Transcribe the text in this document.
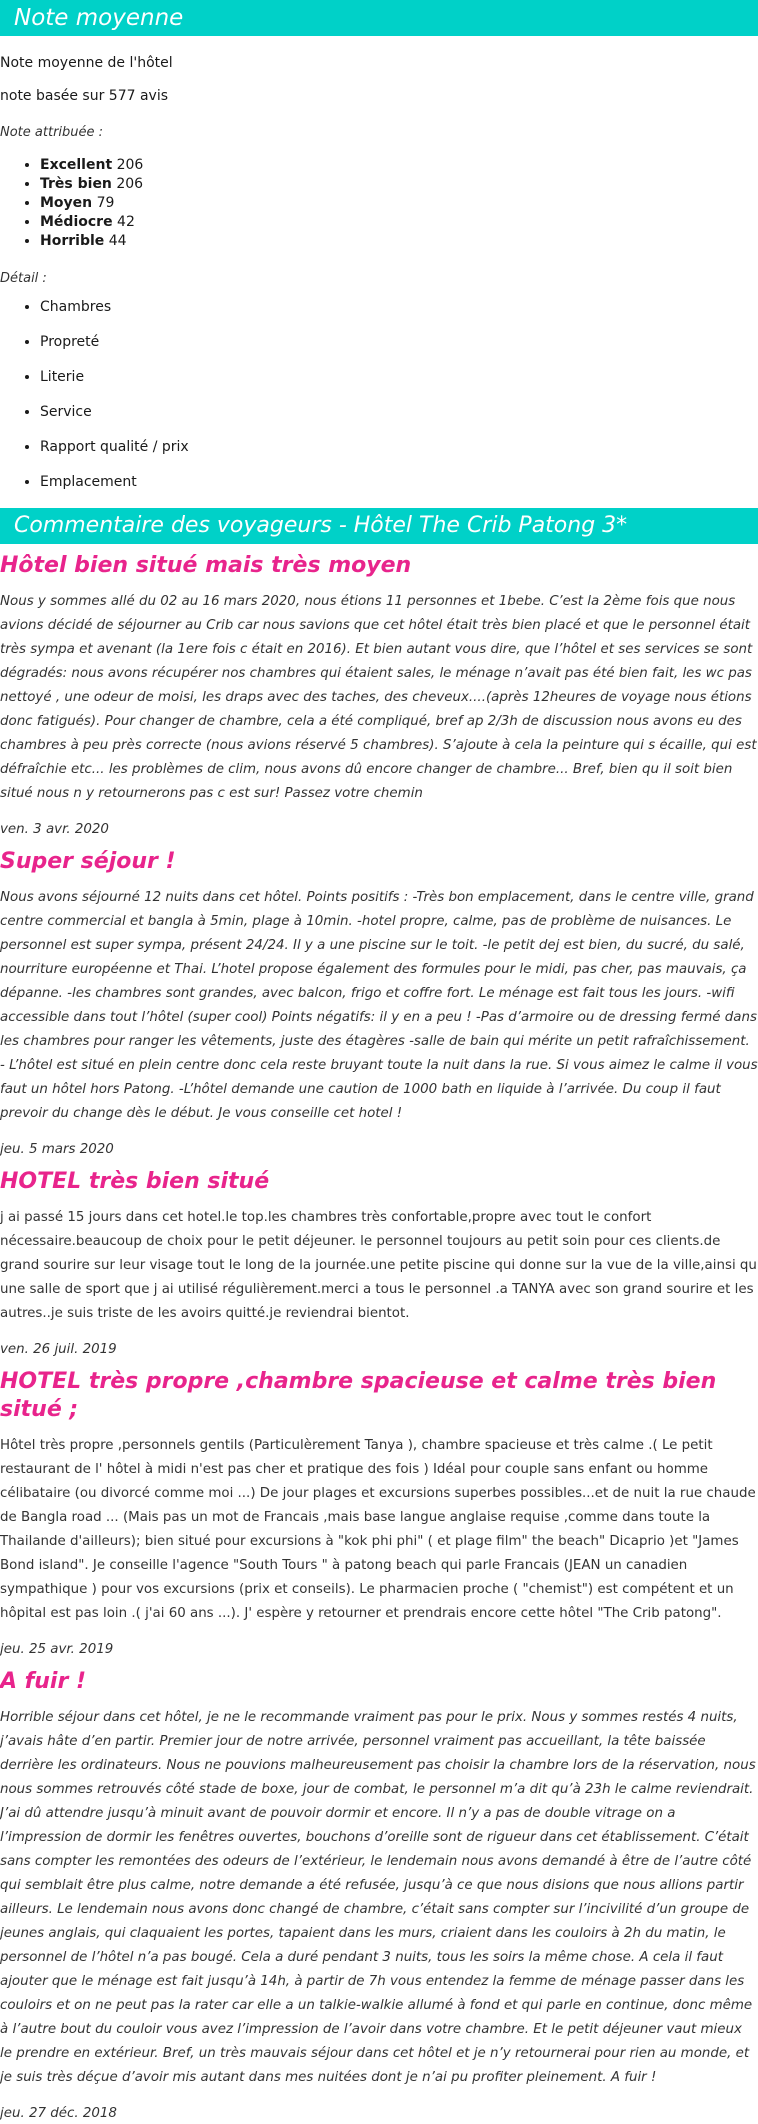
Note moyenne

Note moyenne de l'hôtel

note basée sur 577 avis

Note attribuée :

• Excellent 206
• Très bien 206
• Moyen 79
• Médiocre 42
• Horrible 44

Détail :

• Chambres
• Propreté
• Literie
• Service
• Rapport qualité / prix
• Emplacement
Commentaire des voyageurs - Hôtel The Crib Patong 3*
Hôtel bien situé mais très moyen

Nous y sommes allé du 02 au 16 mars 2020, nous étions 11 personnes et 1bebe. C’est la 2ème fois que nous avions décidé de séjourner au Crib car nous savions que cet hôtel était très bien placé et que le personnel était très sympa et avenant (la 1ere fois c était en 2016). Et bien autant vous dire, que l’hôtel et ses services se sont dégradés: nous avons récupérer nos chambres qui étaient sales, le ménage n’avait pas été bien fait, les wc pas nettoyé , une odeur de moisi, les draps avec des taches, des cheveux....(après 12heures de voyage nous étions donc fatigués). Pour changer de chambre, cela a été compliqué, bref ap 2/3h de discussion nous avons eu des chambres à peu près correcte (nous avions réservé 5 chambres). S’ajoute à cela la peinture qui s écaille, qui est défraîchie etc... les problèmes de clim, nous avons dû encore changer de chambre... Bref, bien qu il soit bien situé nous n y retournerons pas c est sur! Passez votre chemin

ven. 3 avr. 2020

Super séjour !

Nous avons séjourné 12 nuits dans cet hôtel. Points positifs : -Très bon emplacement, dans le centre ville, grand centre commercial et bangla à 5min, plage à 10min. -hotel propre, calme, pas de problème de nuisances. Le personnel est super sympa, présent 24/24. Il y a une piscine sur le toit. -le petit dej est bien, du sucré, du salé, nourriture européenne et Thai. L’hotel propose également des formules pour le midi, pas cher, pas mauvais, ça dépanne. -les chambres sont grandes, avec balcon, frigo et coffre fort. Le ménage est fait tous les jours. -wifi accessible dans tout l’hôtel (super cool) Points négatifs: il y en a peu ! -Pas d’armoire ou de dressing fermé dans les chambres pour ranger les vêtements, juste des étagères -salle de bain qui mérite un petit rafraîchissement. - L’hôtel est situé en plein centre donc cela reste bruyant toute la nuit dans la rue. Si vous aimez le calme il vous faut un hôtel hors Patong. -L’hôtel demande une caution de 1000 bath en liquide à l’arrivée. Du coup il faut prevoir du change dès le début. Je vous conseille cet hotel !

jeu. 5 mars 2020

HOTEL très bien situé

j ai passé 15 jours dans cet hotel.le top.les chambres très confortable,propre avec tout le confort nécessaire.beaucoup de choix pour le petit déjeuner. le personnel toujours au petit soin pour ces clients.de grand sourire sur leur visage tout le long de la journée.une petite piscine qui donne sur la vue de la ville,ainsi qu une salle de sport que j ai utilisé régulièrement.merci a tous le personnel .a TANYA avec son grand sourire et les autres..je suis triste de les avoirs quitté.je reviendrai bientot.

ven. 26 juil. 2019

HOTEL très propre ,chambre spacieuse et calme très bien situé ;

Hôtel très propre ,personnels gentils (Particulèrement Tanya ), chambre spacieuse et très calme .( Le petit restaurant de l' hôtel à midi n'est pas cher et pratique des fois ) Idéal pour couple sans enfant ou homme célibataire (ou divorcé comme moi ...) De jour plages et excursions superbes possibles...et de nuit la rue chaude de Bangla road ... (Mais pas un mot de Francais ,mais base langue anglaise requise ,comme dans toute la Thailande d'ailleurs); bien situé pour excursions à "kok phi phi" ( et plage film" the beach" Dicaprio )et "James Bond island". Je conseille l'agence "South Tours " à patong beach qui parle Francais (JEAN un canadien sympathique ) pour vos excursions (prix et conseils). Le pharmacien proche ( "chemist") est compétent et un hôpital est pas loin .( j'ai 60 ans ...). J' espère y retourner et prendrais encore cette hôtel "The Crib patong".

jeu. 25 avr. 2019

A fuir !

Horrible séjour dans cet hôtel, je ne le recommande vraiment pas pour le prix. Nous y sommes restés 4 nuits, j’avais hâte d’en partir. Premier jour de notre arrivée, personnel vraiment pas accueillant, la tête baissée derrière les ordinateurs. Nous ne pouvions malheureusement pas choisir la chambre lors de la réservation, nous nous sommes retrouvés côté stade de boxe, jour de combat, le personnel m’a dit qu’à 23h le calme reviendrait. J’ai dû attendre jusqu’à minuit avant de pouvoir dormir et encore. Il n’y a pas de double vitrage on a l’impression de dormir les fenêtres ouvertes, bouchons d’oreille sont de rigueur dans cet établissement. C’était sans compter les remontées des odeurs de l’extérieur, le lendemain nous avons demandé à être de l’autre côté qui semblait être plus calme, notre demande a été refusée, jusqu’à ce que nous disions que nous allions partir ailleurs. Le lendemain nous avons donc changé de chambre, c’était sans compter sur l’incivilité d’un groupe de jeunes anglais, qui claquaient les portes, tapaient dans les murs, criaient dans les couloirs à 2h du matin, le personnel de l’hôtel n’a pas bougé. Cela a duré pendant 3 nuits, tous les soirs la même chose. A cela il faut ajouter que le ménage est fait jusqu’à 14h, à partir de 7h vous entendez la femme de ménage passer dans les couloirs et on ne peut pas la rater car elle a un talkie-walkie allumé à fond et qui parle en continue, donc même à l’autre bout du couloir vous avez l’impression de l’avoir dans votre chambre. Et le petit déjeuner vaut mieux le prendre en extérieur. Bref, un très mauvais séjour dans cet hôtel et je n’y retournerai pour rien au monde, et je suis très déçue d’avoir mis autant dans mes nuitées dont je n’ai pu profiter pleinement. A fuir !

jeu. 27 déc. 2018
